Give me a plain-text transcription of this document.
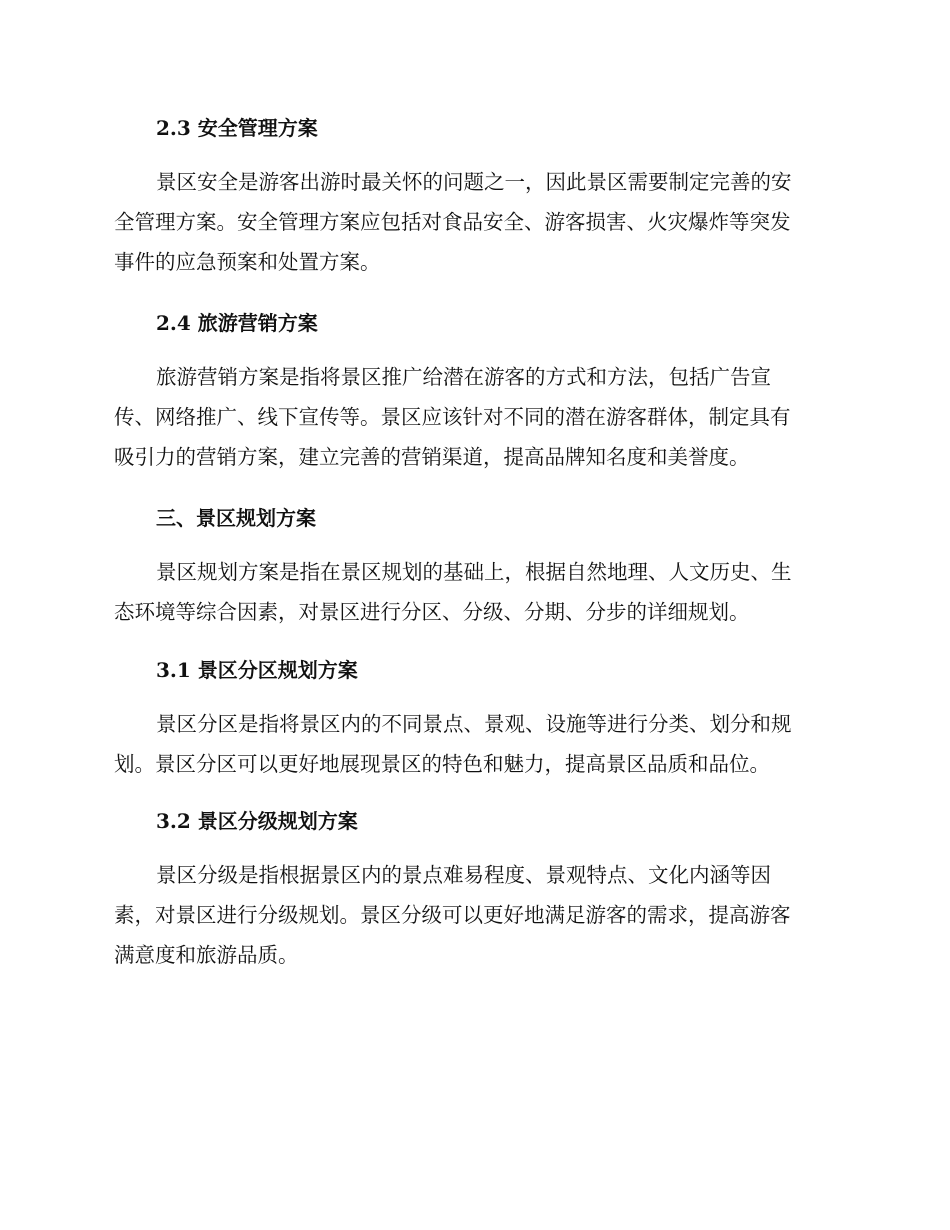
2.3 安全管理方案
景区安全是游客出游时最关怀的问题之一，因此景区需要制定完善的安
全管理方案。安全管理方案应包括对食品安全、游客损害、火灾爆炸等突发
事件的应急预案和处置方案。
2.4 旅游营销方案
旅游营销方案是指将景区推广给潜在游客的方式和方法，包括广告宣
传、网络推广、线下宣传等。景区应该针对不同的潜在游客群体，制定具有
吸引力的营销方案，建立完善的营销渠道，提高品牌知名度和美誉度。
三、景区规划方案
景区规划方案是指在景区规划的基础上，根据自然地理、人文历史、生
态环境等综合因素，对景区进行分区、分级、分期、分步的详细规划。
3.1 景区分区规划方案
景区分区是指将景区内的不同景点、景观、设施等进行分类、划分和规
划。景区分区可以更好地展现景区的特色和魅力，提高景区品质和品位。
3.2 景区分级规划方案
景区分级是指根据景区内的景点难易程度、景观特点、文化内涵等因
素，对景区进行分级规划。景区分级可以更好地满足游客的需求，提高游客
满意度和旅游品质。
